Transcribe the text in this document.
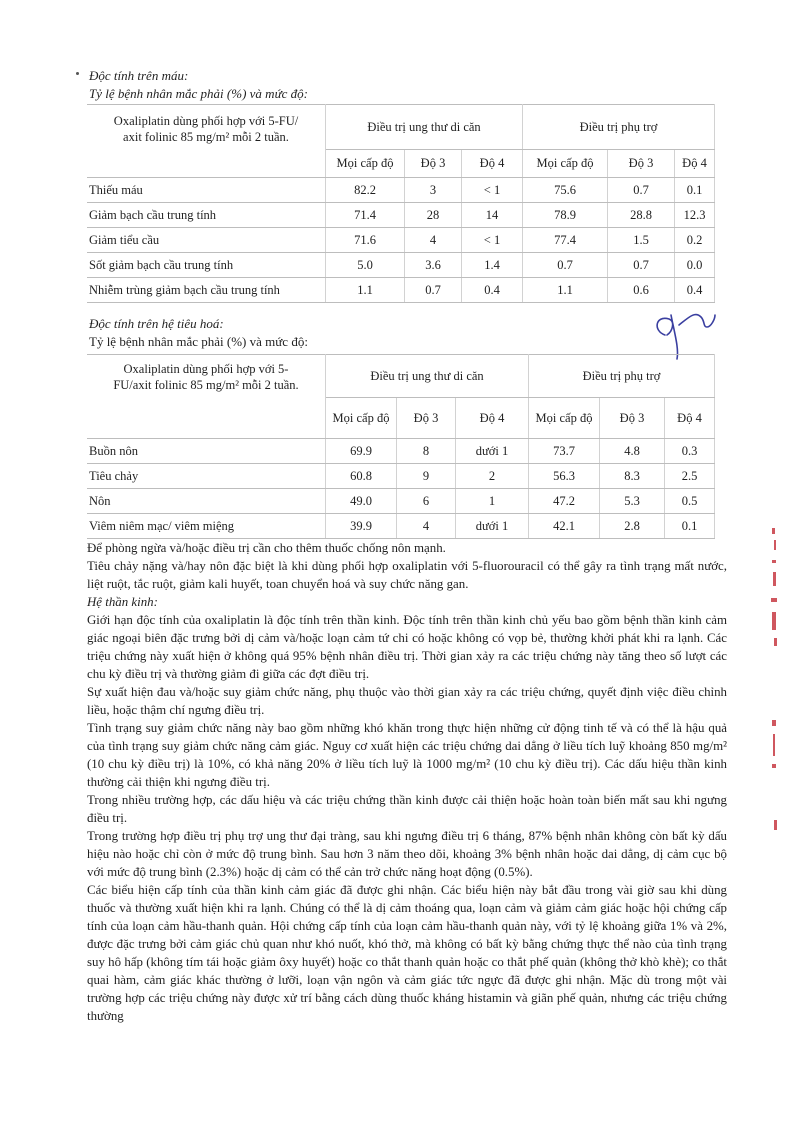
Độc tính trên máu:
Tỷ lệ bệnh nhân mắc phải (%) và mức độ:
Oxaliplatin dùng phối hợp với 5-FU/
axit folinic 85 mg/m² mỗi 2 tuần.	Điều trị ung thư di căn			Điều trị phụ trợ		
	Mọi cấp độ	Độ 3	Độ 4	Mọi cấp độ	Độ 3	Độ 4
Thiếu máu	82.2	3	< 1	75.6	0.7	0.1
Giảm bạch cầu trung tính	71.4	28	14	78.9	28.8	12.3
Giảm tiểu cầu	71.6	4	< 1	77.4	1.5	0.2
Sốt giảm bạch cầu trung tính	5.0	3.6	1.4	0.7	0.7	0.0
Nhiễm trùng giảm bạch cầu trung tính	1.1	0.7	0.4	1.1	0.6	0.4
Độc tính trên hệ tiêu hoá:
Tỷ lệ bệnh nhân mắc phải (%) và mức độ:
Oxaliplatin dùng phối hợp với 5-
FU/axit folinic 85 mg/m² mỗi 2 tuần.	Điều trị ung thư di căn			Điều trị phụ trợ		
	Mọi cấp độ	Độ 3	Độ 4	Mọi cấp độ	Độ 3	Độ 4
Buồn nôn	69.9	8	dưới 1	73.7	4.8	0.3
Tiêu chảy	60.8	9	2	56.3	8.3	2.5
Nôn	49.0	6	1	47.2	5.3	0.5
Viêm niêm mạc/ viêm miệng	39.9	4	dưới 1	42.1	2.8	0.1

Để phòng ngừa và/hoặc điều trị cần cho thêm thuốc chống nôn mạnh.

Tiêu chảy nặng và/hay nôn đặc biệt là khi dùng phối hợp oxaliplatin với 5-fluorouracil có thể gây ra tình trạng mất nước, liệt ruột, tắc ruột, giảm kali huyết, toan chuyển hoá và suy chức năng gan.

Hệ thần kinh:

Giới hạn độc tính của oxaliplatin là độc tính trên thần kinh. Độc tính trên thần kinh chủ yếu bao gồm bệnh thần kinh cảm giác ngoại biên đặc trưng bởi dị cảm và/hoặc loạn cảm tứ chi có hoặc không có vọp bẻ, thường khởi phát khi ra lạnh. Các triệu chứng này xuất hiện ở không quá 95% bệnh nhân điều trị. Thời gian xảy ra các triệu chứng này tăng theo số lượt các chu kỳ điều trị và thường giảm đi giữa các đợt điều trị.

Sự xuất hiện đau và/hoặc suy giảm chức năng, phụ thuộc vào thời gian xảy ra các triệu chứng, quyết định việc điều chỉnh liều, hoặc thậm chí ngưng điều trị.

Tình trạng suy giảm chức năng này bao gồm những khó khăn trong thực hiện những cử động tinh tế và có thể là hậu quả của tình trạng suy giảm chức năng cảm giác. Nguy cơ xuất hiện các triệu chứng dai dẳng ở liều tích luỹ khoảng 850 mg/m² (10 chu kỳ điều trị) là 10%, có khả năng 20% ở liều tích luỹ là 1000 mg/m² (10 chu kỳ điều trị). Các dấu hiệu thần kinh thường cải thiện khi ngưng điều trị.

Trong nhiều trường hợp, các dấu hiệu và các triệu chứng thần kinh được cải thiện hoặc hoàn toàn biến mất sau khi ngưng điều trị.

Trong trường hợp điều trị phụ trợ ung thư đại tràng, sau khi ngưng điều trị 6 tháng, 87% bệnh nhân không còn bất kỳ dấu hiệu nào hoặc chỉ còn ở mức độ trung bình. Sau hơn 3 năm theo dõi, khoảng 3% bệnh nhân hoặc dai dẳng, dị cảm cục bộ với mức độ trung bình (2.3%) hoặc dị cảm có thể cản trở chức năng hoạt động (0.5%).

Các biểu hiện cấp tính của thần kinh cảm giác đã được ghi nhận. Các biểu hiện này bắt đầu trong vài giờ sau khi dùng thuốc và thường xuất hiện khi ra lạnh. Chúng có thể là dị cảm thoáng qua, loạn cảm và giảm cảm giác hoặc hội chứng cấp tính của loạn cảm hầu-thanh quản. Hội chứng cấp tính của loạn cảm hầu-thanh quản này, với tỷ lệ khoảng giữa 1% và 2%, được đặc trưng bởi cảm giác chủ quan như khó nuốt, khó thở, mà không có bất kỳ bằng chứng thực thể nào của tình trạng suy hô hấp (không tím tái hoặc giảm ôxy huyết) hoặc co thắt thanh quản hoặc co thắt phế quản (không thở khò khè); co thắt quai hàm, cảm giác khác thường ở lưỡi, loạn vận ngôn và cảm giác tức ngực đã được ghi nhận. Mặc dù trong một vài trường hợp các triệu chứng này được xử trí bằng cách dùng thuốc kháng histamin và giãn phế quản, nhưng các triệu chứng thường
